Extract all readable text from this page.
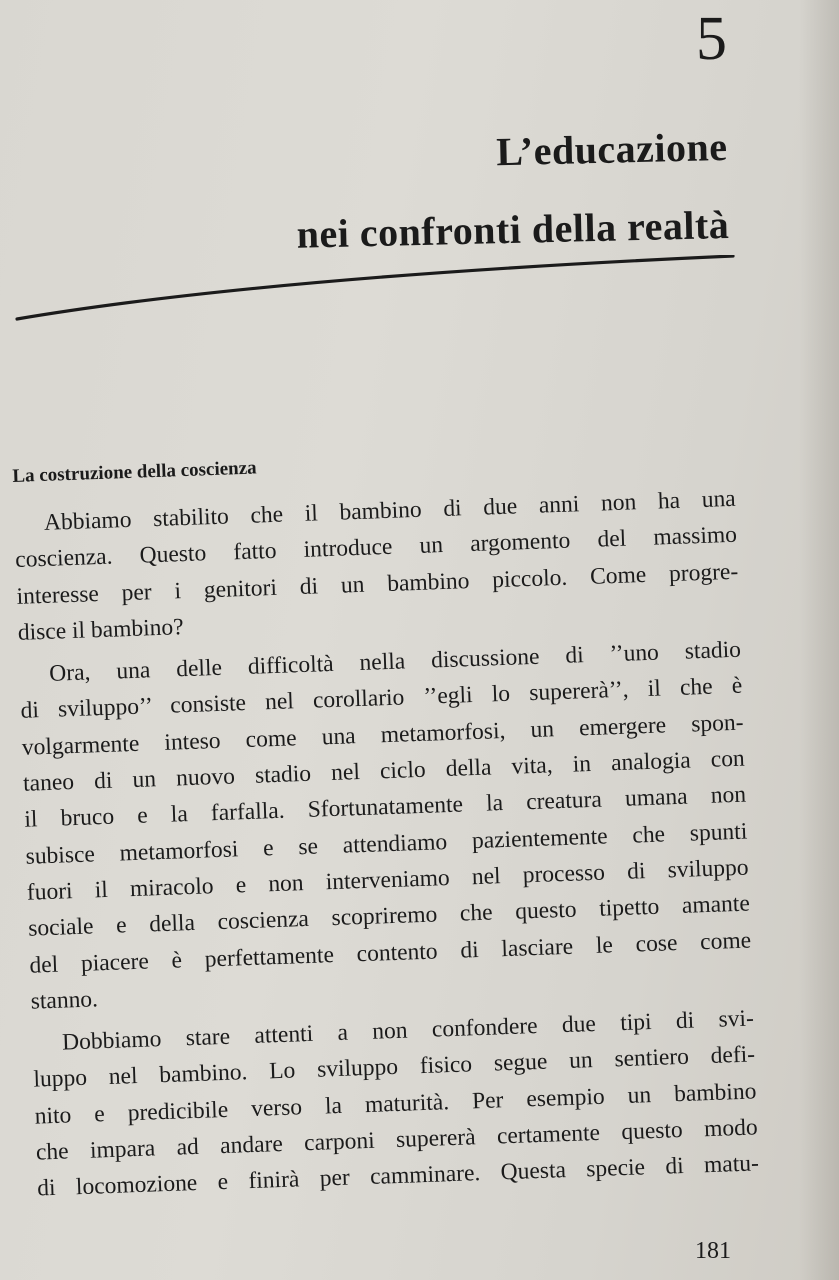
5

L’educazione
nei confronti della realtà
La costruzione della coscienza

Abbiamo stabilito che il bambino di due anni non ha una
coscienza. Questo fatto introduce un argomento del massimo
interesse per i genitori di un bambino piccolo. Come progre-
disce il bambino?

Ora, una delle difficoltà nella discussione di ’’uno stadio
di sviluppo’’ consiste nel corollario ’’egli lo supererà’’, il che è
volgarmente inteso come una metamorfosi, un emergere spon-
taneo di un nuovo stadio nel ciclo della vita, in analogia con
il bruco e la farfalla. Sfortunatamente la creatura umana non
subisce metamorfosi e se attendiamo pazientemente che spunti
fuori il miracolo e non interveniamo nel processo di sviluppo
sociale e della coscienza scopriremo che questo tipetto amante
del piacere è perfettamente contento di lasciare le cose come
stanno.

Dobbiamo stare attenti a non confondere due tipi di svi-
luppo nel bambino. Lo sviluppo fisico segue un sentiero defi-
nito e predicibile verso la maturità. Per esempio un bambino
che impara ad andare carponi supererà certamente questo modo
di locomozione e finirà per camminare. Questa specie di matu-

181
